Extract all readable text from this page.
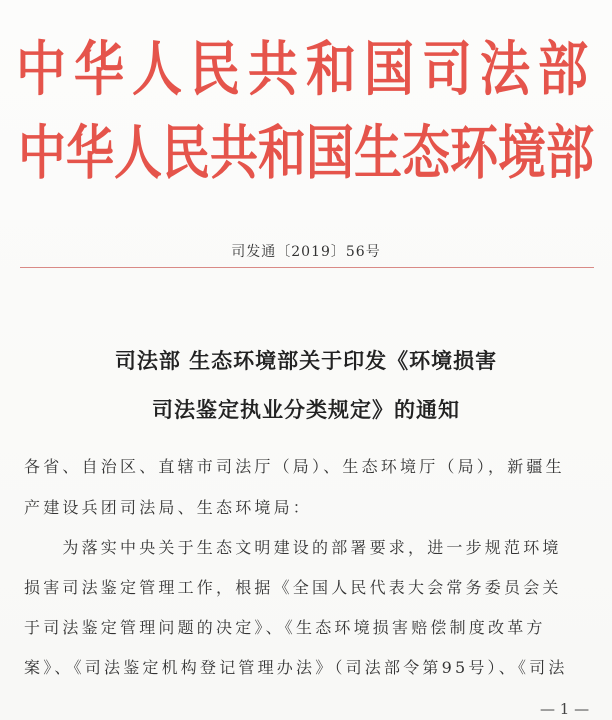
中华人民共和国司法部
中华人民共和国生态环境部
司发通〔2019〕56号
司法部 生态环境部关于印发《环境损害
司法鉴定执业分类规定》的通知
各省、自治区、直辖市司法厅（局）、生态环境厅（局），新疆生
产建设兵团司法局、生态环境局：
　　为落实中央关于生态文明建设的部署要求，进一步规范环境
损害司法鉴定管理工作，根据《全国人民代表大会常务委员会关
于司法鉴定管理问题的决定》、《生态环境损害赔偿制度改革方
案》、《司法鉴定机构登记管理办法》（司法部令第95号）、《司法
— 1 —
